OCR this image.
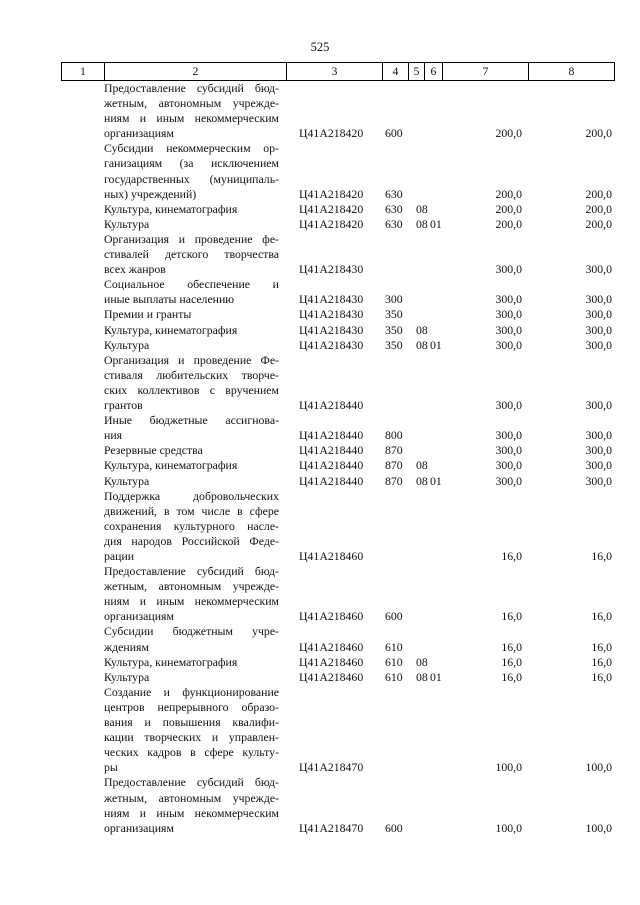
525
1	2	3	4	5 6	7	8
Предоставление субсидий бюд-
жетным, автономным учрежде-
ниям и иным некоммерческим
организациям	Ц41А218420 600	200,0	200,0
Субсидии некоммерческим ор-
ганизациям (за исключением
государственных (муниципаль-
ных) учреждений)	Ц41А218420 630	200,0	200,0
Культура, кинематография	Ц41А218420 630 08	200,0	200,0
Культура	Ц41А218420 630 08 01	200,0	200,0
Организация и проведение фе-
стивалей детского творчества
всех жанров	Ц41А218430	300,0	300,0
Социальное обеспечение и
иные выплаты населению	Ц41А218430 300	300,0	300,0
Премии и гранты	Ц41А218430 350	300,0	300,0
Культура, кинематография	Ц41А218430 350 08	300,0	300,0
Культура	Ц41А218430 350 08 01	300,0	300,0
Организация и проведение Фе-
стиваля любительских творче-
ских коллективов с вручением
грантов	Ц41А218440	300,0	300,0
Иные бюджетные ассигнова-
ния	Ц41А218440 800	300,0	300,0
Резервные средства	Ц41А218440 870	300,0	300,0
Культура, кинематография	Ц41А218440 870 08	300,0	300,0
Культура	Ц41А218440 870 08 01	300,0	300,0
Поддержка добровольческих
движений, в том числе в сфере
сохранения культурного насле-
дия народов Российской Феде-
рации	Ц41А218460	16,0	16,0
Предоставление субсидий бюд-
жетным, автономным учрежде-
ниям и иным некоммерческим
организациям	Ц41А218460 600	16,0	16,0
Субсидии бюджетным учре-
ждениям	Ц41А218460 610	16,0	16,0
Культура, кинематография	Ц41А218460 610 08	16,0	16,0
Культура	Ц41А218460 610 08 01	16,0	16,0
Создание и функционирование
центров непрерывного образо-
вания и повышения квалифи-
кации творческих и управлен-
ческих кадров в сфере культу-
ры	Ц41А218470	100,0	100,0
Предоставление субсидий бюд-
жетным, автономным учрежде-
ниям и иным некоммерческим
организациям	Ц41А218470 600	100,0	100,0
